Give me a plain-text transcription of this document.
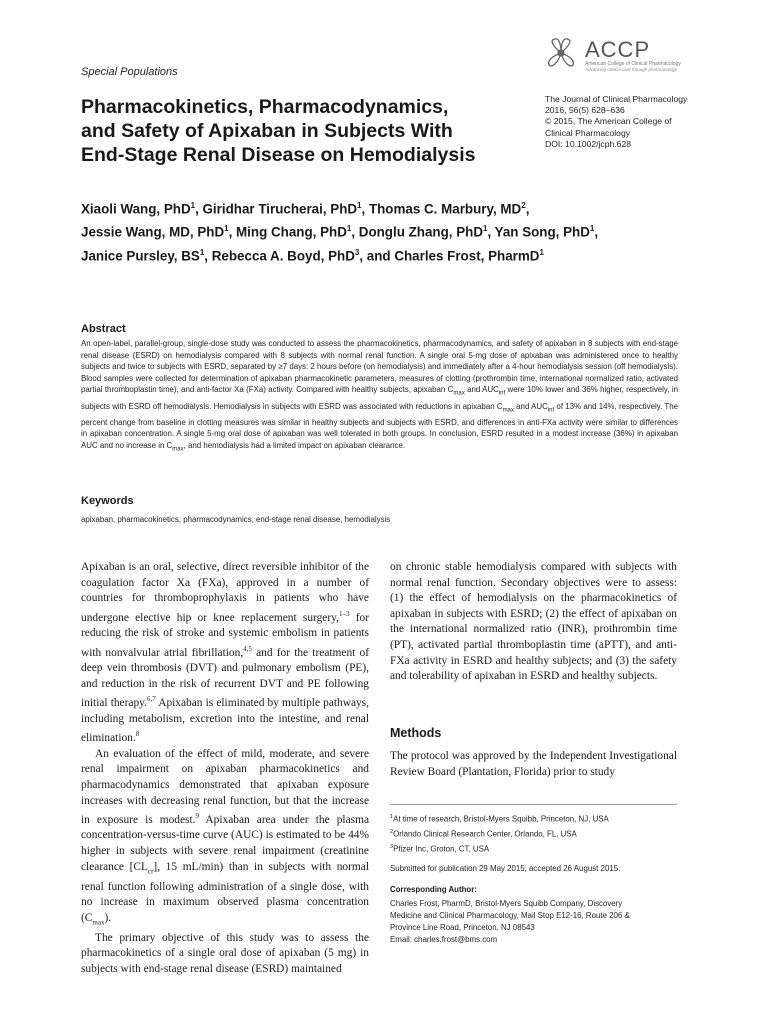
Special Populations
Pharmacokinetics, Pharmacodynamics,
and Safety of Apixaban in Subjects With
End-Stage Renal Disease on Hemodialysis
ACCP
American College of Clinical Pharmacology
Advancing clinical care through pharmacology
The Journal of Clinical Pharmacology
2016, 56(5) 628–636
© 2015, The American College of
Clinical Pharmacology
DOI: 10.1002/jcph.628
Xiaoli Wang, PhD$^1$, Giridhar Tirucherai, PhD$^1$, Thomas C. Marbury, $MD^2$,
Jessie Wang, MD, PhD$^1$, Ming Chang, PhD$^1$, Donglu Zhang, PhD$^1$, Yan Song, PhD$^1$,
Janice Pursley, $BS^1$, Rebecca A. Boyd, PhD$^3$, and Charles Frost, PharmD$^1$
Abstract
An open-label, parallel-group, single-dose study was conducted to assess the pharmacokinetics, pharmacodynamics, and safety of apixaban in 8 subjects with end-stage renal disease (ESRD) on hemodialysis compared with 8 subjects with normal renal function. A single oral 5-mg dose of apixaban was administered once to healthy subjects and twice to subjects with ESRD, separated by ≥7 days: 2 hours before (on hemodialysis) and immediately after a 4-hour hemodialysis session (off hemodialysis). Blood samples were collected for determination of apixaban pharmacokinetic parameters, measures of clotting (prothrombin time, international normalized ratio, activated partial thromboplastin time), and anti-factor Xa (FXa) activity. Compared with healthy subjects, apixaban $C_{max}$ and $AUC_{inf}$ were 10% lower and 36% higher, respectively, in subjects with ESRD off hemodialysis. Hemodialysis in subjects with ESRD was associated with reductions in apixaban $C_{max}$ and $AUC_{inf}$ of 13% and 14%, respectively. The percent change from baseline in clotting measures was similar in healthy subjects and subjects with ESRD, and differences in anti-FXa activity were similar to differences in apixaban concentration. A single 5-mg oral dose of apixaban was well tolerated in both groups. In conclusion, ESRD resulted in a modest increase (36%) in apixaban AUC and no increase in $C_{max}$, and hemodialysis had a limited impact on apixaban clearance.
Keywords
apixaban, pharmacokinetics, pharmacodynamics, end-stage renal disease, hemodialysis

Apixaban is an oral, selective, direct reversible inhibitor of the coagulation factor Xa (FXa), approved in a number of countries for thromboprophylaxis in patients who have undergone elective hip or knee replacement surgery,$^{1-3}$ for reducing the risk of stroke and systemic embolism in patients with nonvalvular atrial fibrillation,$^{4,5}$ and for the treatment of deep vein thrombosis (DVT) and pulmonary embolism (PE), and reduction in the risk of recurrent DVT and PE following initial therapy.$^{6,7}$ Apixaban is eliminated by multiple pathways, including metabolism, excretion into the intestine, and renal elimination.$^8$

An evaluation of the effect of mild, moderate, and severe renal impairment on apixaban pharmacokinetics and pharmacodynamics demonstrated that apixaban exposure increases with decreasing renal function, but that the increase in exposure is modest.$^9$ Apixaban area under the plasma concentration-versus-time curve (AUC) is estimated to be 44% higher in subjects with severe renal impairment (creatinine clearance $[CL_{cr}]$, 15 mL/min) than in subjects with normal renal function following administration of a single dose, with no increase in maximum observed plasma concentration $(C_{max})$.

The primary objective of this study was to assess the pharmacokinetics of a single oral dose of apixaban (5 mg) in subjects with end-stage renal disease (ESRD) maintained

on chronic stable hemodialysis compared with subjects with normal renal function. Secondary objectives were to assess: (1) the effect of hemodialysis on the pharmacokinetics of apixaban in subjects with ESRD; (2) the effect of apixaban on the international normalized ratio (INR), prothrombin time (PT), activated partial thromboplastin time (aPTT), and anti-FXa activity in ESRD and healthy subjects; and (3) the safety and tolerability of apixaban in ESRD and healthy subjects.

Methods

The protocol was approved by the Independent Investigational Review Board (Plantation, Florida) prior to study

$^1$At time of research, Bristol-Myers Squibb, Princeton, NJ, USA
$^2$Orlando Clinical Research Center, Orlando, FL, USA
$^3$Pfizer Inc, Groton, CT, USA
Submitted for publication 29 May 2015; accepted 26 August 2015.
Corresponding Author:
Charles Frost, PharmD, Bristol-Myers Squibb Company, Discovery
Medicine and Clinical Pharmacology, Mail Stop E12-16, Route 206 &
Province Line Road, Princeton, NJ 08543
Email: charles.frost@bms.com
